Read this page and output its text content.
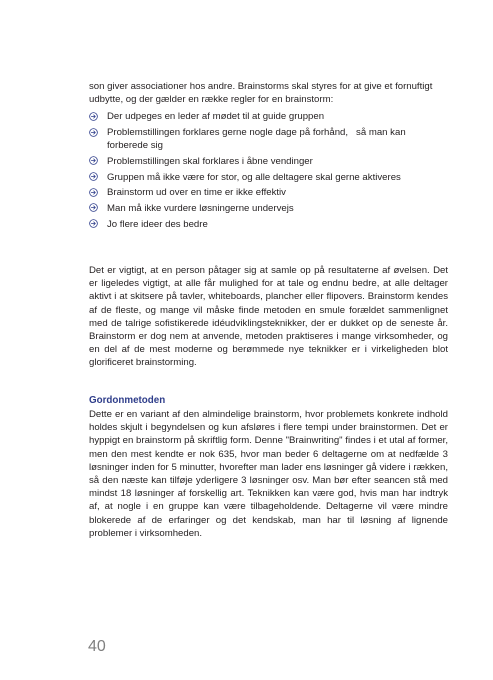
son giver associationer hos andre. Brainstorms skal styres for at give et fornuftigt udbytte, og der gælder en række regler for en brainstorm:

Der udpeges en leder af mødet til at guide gruppen
Problemstillingen forklares gerne nogle dage på forhånd,   så man kan forberede sig
Problemstillingen skal forklares i åbne vendinger
Gruppen må ikke være for stor, og alle deltagere skal gerne aktiveres
Brainstorm ud over en time er ikke effektiv
Man må ikke vurdere løsningerne undervejs
Jo flere ideer des bedre

Det er vigtigt, at en person påtager sig at samle op på resultaterne af øvelsen. Det er ligeledes vigtigt, at alle får mulighed for at tale og endnu bedre, at alle deltager aktivt i at skitsere på tavler, whiteboards, plancher eller flipovers. Brainstorm kendes af de fleste, og mange vil måske finde metoden en smule forældet sammenlignet med de talrige sofistikerede idéudviklingsteknikker, der er dukket op de seneste år. Brainstorm er dog nem at anvende, metoden praktiseres i mange virksomheder, og en del af de mest moderne og berømmede nye teknikker er i virkeligheden blot glorificeret brainstorming.

Gordonmetoden

Dette er en variant af den almindelige brainstorm, hvor problemets konkrete indhold holdes skjult i begyndelsen og kun afsløres i flere tempi under brainstormen. Det er hyppigt en brainstorm på skriftlig form. Denne "Brainwriting" findes i et utal af former, men den mest kendte er nok 635, hvor man beder 6 deltagerne om at nedfælde 3 løsninger inden for 5 minutter, hvorefter man lader ens løsninger gå videre i rækken, så den næste kan tilføje yderligere 3 løsninger osv. Man bør efter seancen stå med mindst 18 løsninger af forskellig art. Teknikken kan være god, hvis man har indtryk af, at nogle i en gruppe kan være tilbageholdende. Deltagerne vil være mindre blokerede af de erfaringer og det kendskab, man har til løsning af lignende problemer i virksomheden.

40
